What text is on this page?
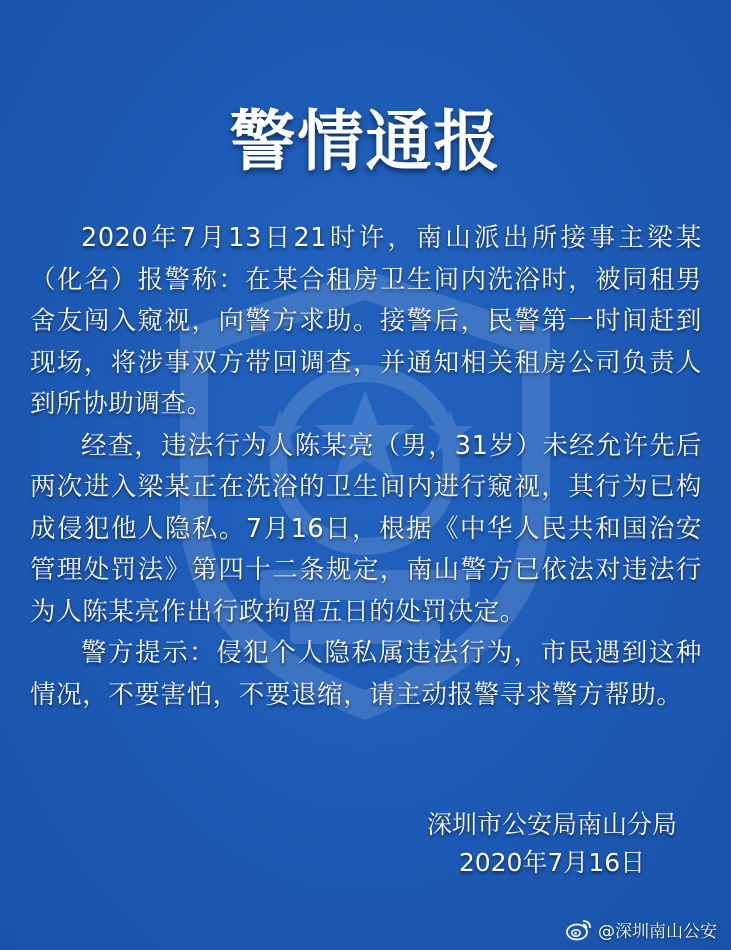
警情通报

2020年7月13日21时许，南山派出所接事主梁某（化名）报警称：在某合租房卫生间内洗浴时，被同租男舍友闯入窥视，向警方求助。接警后，民警第一时间赶到现场，将涉事双方带回调查，并通知相关租房公司负责人到所协助调查。

经查，违法行为人陈某亮（男，31岁）未经允许先后两次进入梁某正在洗浴的卫生间内进行窥视，其行为已构成侵犯他人隐私。7月16日，根据《中华人民共和国治安管理处罚法》第四十二条规定，南山警方已依法对违法行为人陈某亮作出行政拘留五日的处罚决定。

警方提示：侵犯个人隐私属违法行为，市民遇到这种情况，不要害怕，不要退缩，请主动报警寻求警方帮助。

深圳市公安局南山分局
2020年7月16日
@深圳南山公安
